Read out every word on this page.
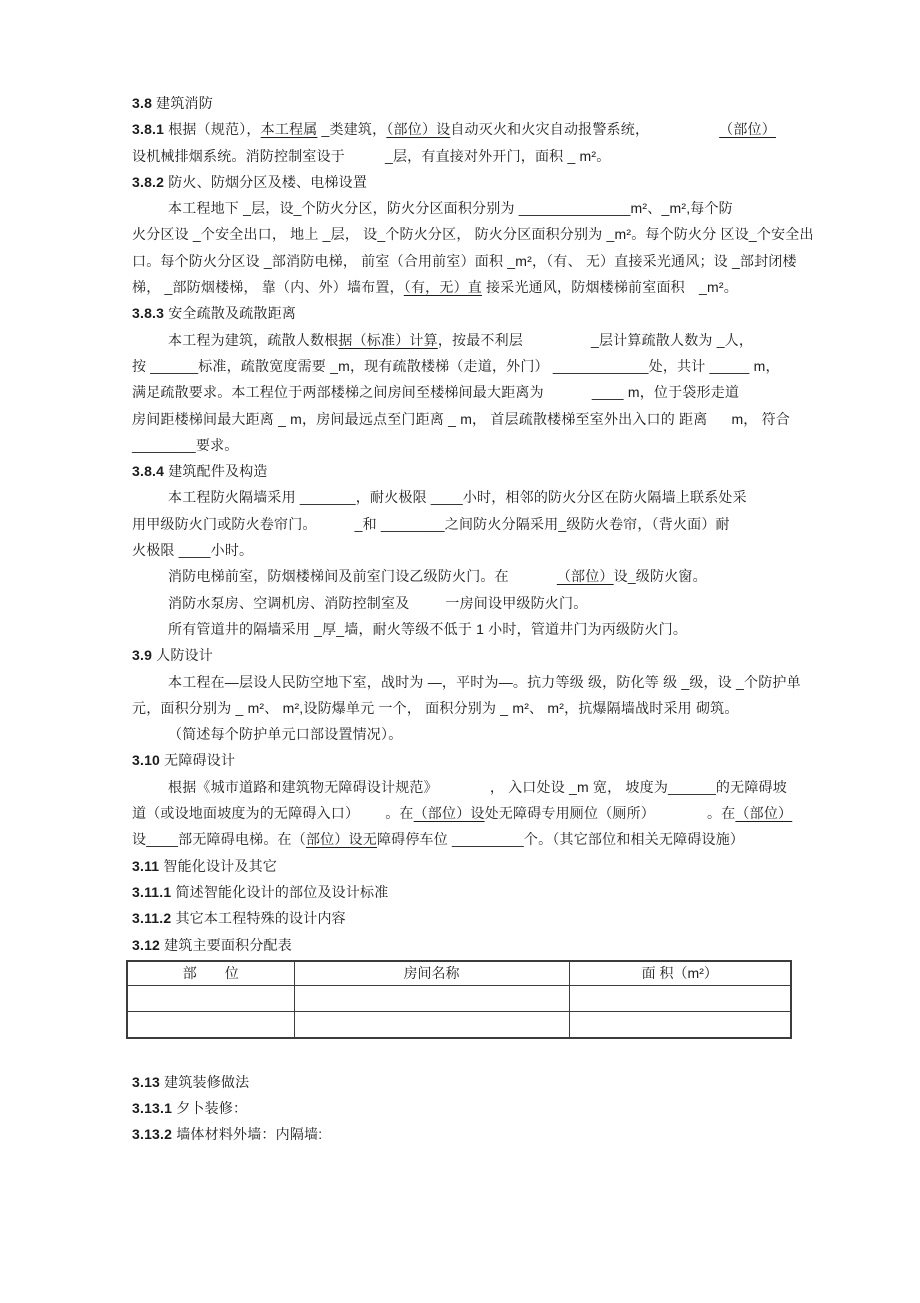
3.8 建筑消防
3.8.1 根据（规范），本工程属 _类建筑，（部位）设自动灭火和火灾自动报警系统，	（部位）
设机械排烟系统。消防控制室设于	_层，有直接对外开门，面积 _ m²。
3.8.2 防火、防烟分区及楼、电梯设置
本工程地下 _层，设_个防火分区，防火分区面积分别为 ______________m²、_m²,每个防
火分区设 _个安全出口， 地上 _层， 设_个防火分区， 防火分区面积分别为 _m²。每个防火分 区设_个安全出
口。每个防火分区设 _部消防电梯， 前室（合用前室）面积 _m²，（有、 无）直接采光通风；设 _部封闭楼
梯， _部防烟楼梯， 靠（内、外）墙布置，（有，无）直 接采光通风，防烟楼梯前室面积　_m²。
3.8.3 安全疏散及疏散距离
本工程为建筑，疏散人数根据（标准）计算，按最不利层	_层计算疏散人数为 _人，
按 ______标准，疏散宽度需要 _m，现有疏散楼梯（走道，外门） ____________处，共计 _____ m，
满足疏散要求。本工程位于两部楼梯之间房间至楼梯间最大距离为	____ m，位于袋形走道
房间距楼梯间最大距离 _ m，房间最远点至门距离 _ m， 首层疏散楼梯至室外出入口的 距离 m， 符合
________要求。
3.8.4 建筑配件及构造
本工程防火隔墙采用 _______，耐火极限 ____小时，相邻的防火分区在防火隔墙上联系处采
用甲级防火门或防火卷帘门。	_和 ________之间防火分隔采用_级防火卷帘，（背火面）耐
火极限 ____小时。
消防电梯前室，防烟楼梯间及前室门设乙级防火门。在	（部位）设_级防火窗。
消防水泵房、空调机房、消防控制室及	一房间设甲级防火门。
所有管道井的隔墙采用 _厚_墙，耐火等级不低于 1 小时，管道井门为丙级防火门。
3.9 人防设计
本工程在—层设人民防空地下室，战时为 —，平时为—。抗力等级 级，防化等 级 _级，设 _个防护单
元，面积分别为 _ m²、 m²,设防爆单元 一个， 面积分别为 _ m²、 m²，抗爆隔墙战时采用 砌筑。
（简述每个防护单元口部设置情况）。
3.10 无障碍设计
根据《城市道路和建筑物无障碍设计规范》	， 入口处设 _m 宽， 坡度为______的无障碍坡
道（或设地面坡度为的无障碍入口） 。在（部位）设处无障碍专用厕位（厕所）	。在（部位）
设____部无障碍电梯。在（部位）设无障碍停车位 _________个。（其它部位和相关无障碍设施）
3.11 智能化设计及其它
3.11.1 简述智能化设计的部位及设计标准
3.11.2 其它本工程特殊的设计内容
3.12 建筑主要面积分配表
部　　位	房间名称	面 积（m²）

3.13 建筑装修做法
3.13.1 夕卜装修：
3.13.2 墙体材料外墙：内隔墙:
